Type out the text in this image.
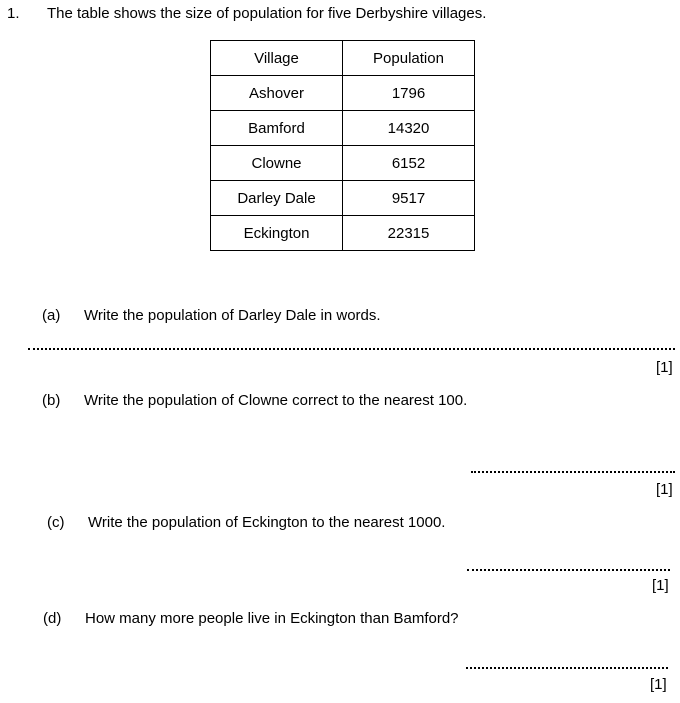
1. The table shows the size of population for five Derbyshire villages.
Village	Population
Ashover	1796
Bamford	14320
Clowne	6152
Darley Dale	9517
Eckington	22315
(a) Write the population of Darley Dale in words.
[1]
(b) Write the population of Clowne correct to the nearest 100.
[1]
(c) Write the population of Eckington to the nearest 1000.
[1]
(d) How many more people live in Eckington than Bamford?
[1]
